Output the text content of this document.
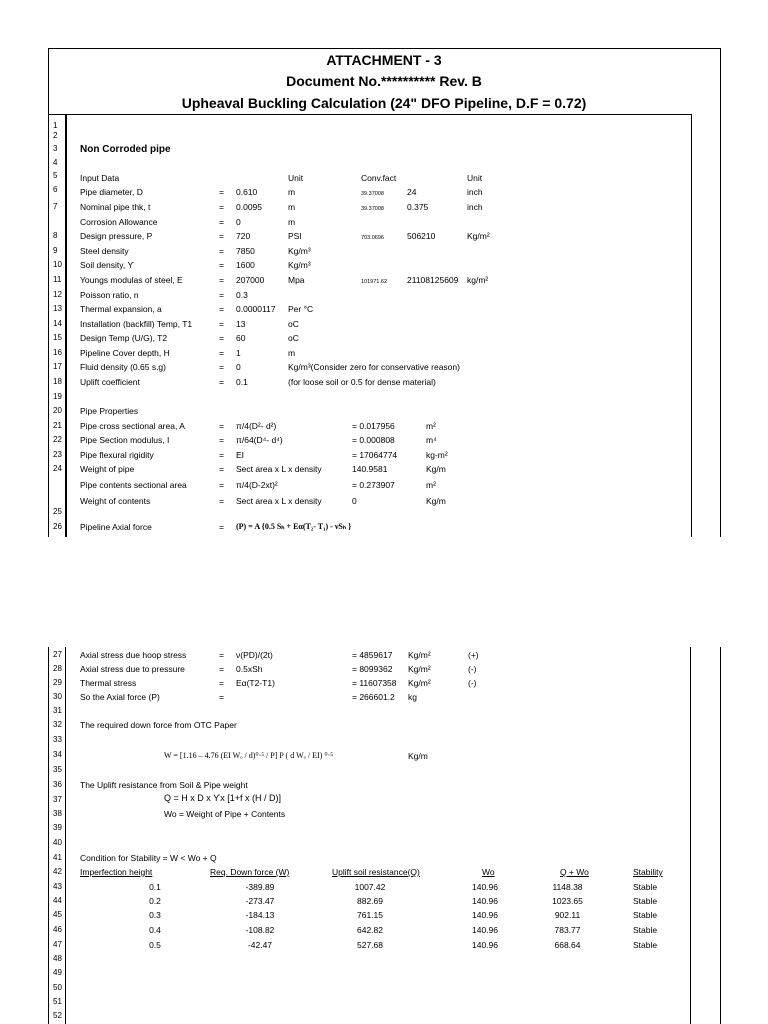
ATTACHMENT - 3
Document No.********** Rev. B
Upheaval Buckling Calculation (24" DFO Pipeline, D.F = 0.72)
1
2
3
4
5
6
7
8
9
10
11
12
13
14
15
16
17
18
19
20
21
22
23
24
25
26
Non Corroded pipe
Input Data	Unit	Conv.fact	Unit
Pipe diameter, D	= 0.610	m	39.37008	24	inch
Nominal pipe thk, t	= 0.0095	m	39.37008	0.375	inch
Corrosion Allowance	= 0	m
Design pressure, P	= 720	PSI	703.0696	506210	Kg/m²
Steel density	= 7850	Kg/m³
Soil density, Ƴ	= 1600	Kg/m³
Youngs modulas of steel, E	= 207000	Mpa	101971.62 21108125609 kg/m²
Poisson ratio, n	= 0.3
Thermal expansion, a	= 0.0000117 Per °C
Installation (backfill) Temp, T1	= 13	oC
Design Temp (U/G), T2	= 60	oC
Pipeline Cover depth, H	= 1	m
Fluid density (0.65 s.g)	= 0	Kg/m³(Consider zero for conservative reason)
Uplift coefficient	= 0.1	(for loose soil or 0.5 for dense material)
Pipe Properties
Pipe cross sectional area, A	= π/4(D²- d²)	= 0.017956	m²
Pipe Section modulus, I	= π/64(D⁴- d⁴)	= 0.000808	m⁴
Pipe flexural rigidity	= EI	= 17064774	kg-m²
Weight of pipe	= Sect area x L x density	140.9581	Kg/m
Pipe contents sectional area	= π/4(D-2xt)²	= 0.273907	m²
Weight of contents	= Sect area x L x density	0	Kg/m
Pipeline Axial force	= (P) = A {0.5 Sₕ + Eα(T₂- T₁) - νSₕ }
27
28
29
30
31
32
33
34
35
36
37
38
39
40
41
42
43
44
45
46
47
48
49
50
51
52
Axial stress due hoop stress	= ν(PD)/(2t)	= 4859617 Kg/m²	(+)
Axial stress due to pressure	= 0.5xSh	= 8099362 Kg/m²	(-)
Thermal stress	= Eα(T2-T1)	= 11607358 Kg/m²	(-)
So the Axial force (P)	=	= 266601.2 kg
The required down force from OTC Paper
W = [1.16 – 4.76 (EI Wₒ / d)⁰·⁵ / P] P ( d Wₒ / EI) ⁰·⁵	Kg/m
The Uplift resistance from Soil & Pipe weight
Q = H x D x Ƴx [1+f x (H / D)]
Wo = Weight of Pipe + Contents
Condition for Stability = W < Wo + Q
Imperfection height	Req. Down force (W)	Uplift soil resistance(Q)	Wo	Q + Wo	Stability
0.1	-389.89	1007.42	140.96	1148.38	Stable
0.2	-273.47	882.69	140.96	1023.65	Stable
0.3	-184.13	761.15	140.96	902.11	Stable
0.4	-108.82	642.82	140.96	783.77	Stable
0.5	-42.47	527.68	140.96	668.64	Stable
